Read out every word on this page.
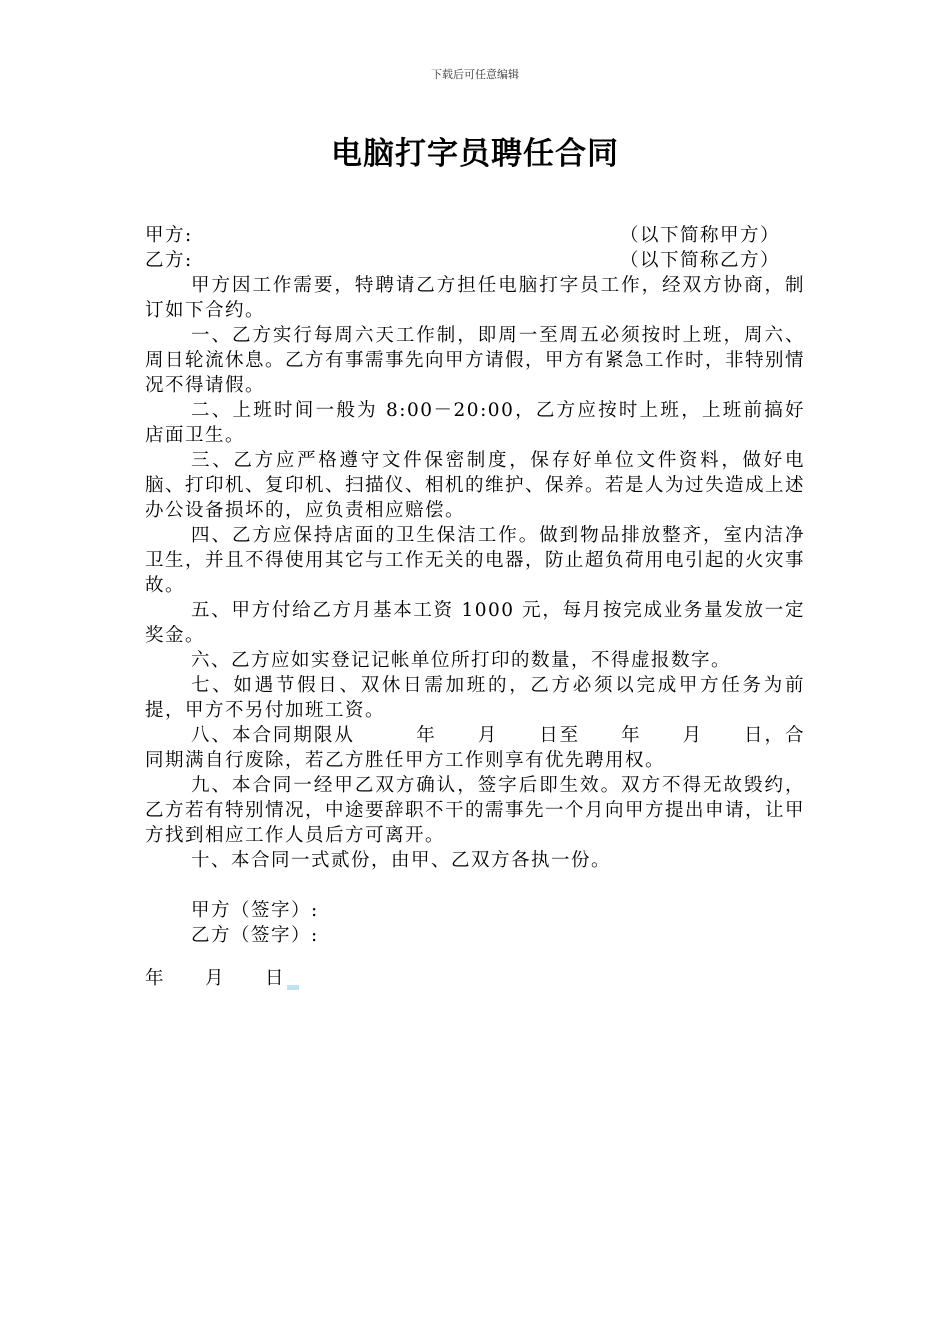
下载后可任意编辑
电脑打字员聘任合同
甲方:	（以下简称甲方）
乙方:	（以下简称乙方）

甲方因工作需要，特聘请乙方担任电脑打字员工作，经双方协商，制订如下合约。

一、乙方实行每周六天工作制，即周一至周五必须按时上班，周六、周日轮流休息。乙方有事需事先向甲方请假，甲方有紧急工作时，非特别情况不得请假。

二、上班时间一般为 8:00－20:00，乙方应按时上班，上班前搞好店面卫生。

三、乙方应严格遵守文件保密制度，保存好单位文件资料，做好电脑、打印机、复印机、扫描仪、相机的维护、保养。若是人为过失造成上述办公设备损坏的，应负责相应赔偿。

四、乙方应保持店面的卫生保洁工作。做到物品排放整齐，室内洁净卫生，并且不得使用其它与工作无关的电器，防止超负荷用电引起的火灾事故。

五、甲方付给乙方月基本工资 1000 元，每月按完成业务量发放一定奖金。

六、乙方应如实登记记帐单位所打印的数量，不得虚报数字。

七、如遇节假日、双休日需加班的，乙方必须以完成甲方任务为前提，甲方不另付加班工资。

八、本合同期限从　　　年　　月　　日至　　年　　月　　日，合 同期满自行废除，若乙方胜任甲方工作则享有优先聘用权。

九、本合同一经甲乙双方确认，签字后即生效。双方不得无故毁约，乙方若有特别情况，中途要辞职不干的需事先一个月向甲方提出申请，让甲方找到相应工作人员后方可离开。

十、本合同一式贰份，由甲、乙双方各执一份。

甲方（签字）:
乙方（签字）:
年　　月　　日
